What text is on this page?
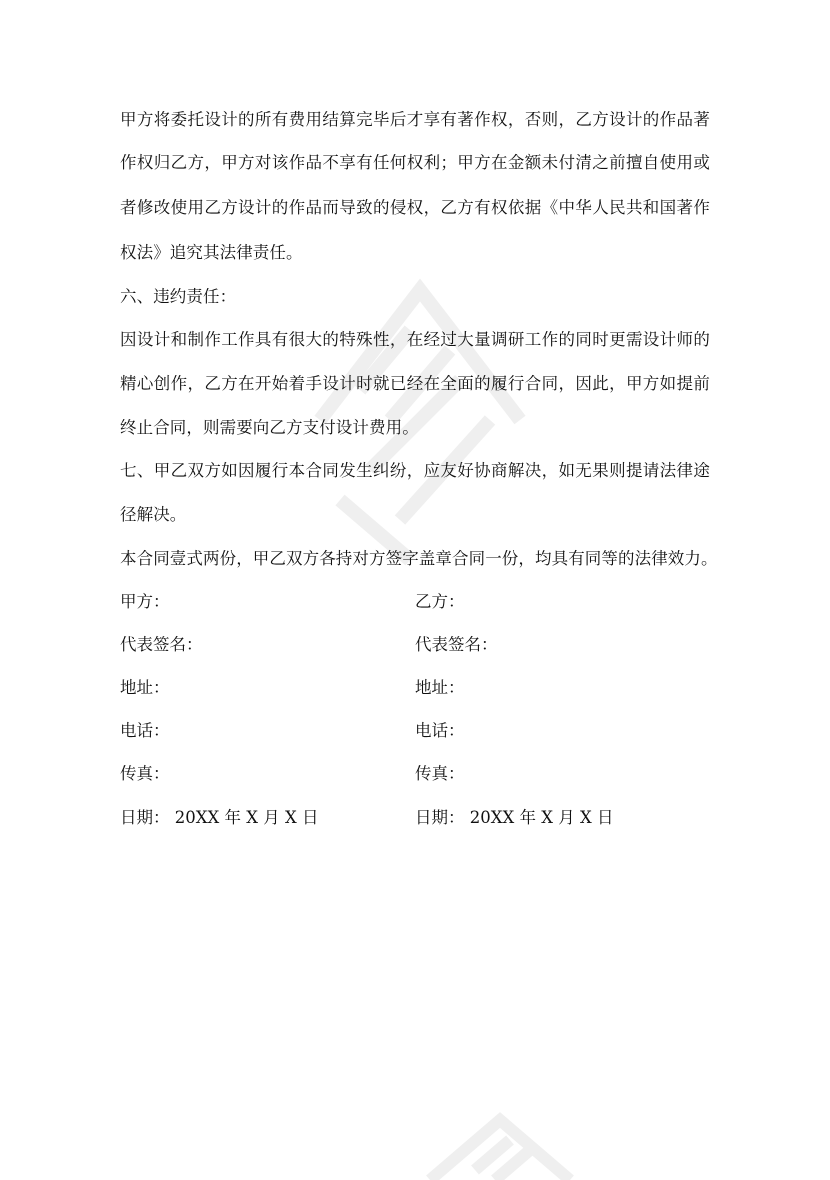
甲方将委托设计的所有费用结算完毕后才享有著作权，否则，乙方设计的作品著
作权归乙方，甲方对该作品不享有任何权利；甲方在金额未付清之前擅自使用或
者修改使用乙方设计的作品而导致的侵权，乙方有权依据《中华人民共和国著作
权法》追究其法律责任。
六、违约责任：
因设计和制作工作具有很大的特殊性，在经过大量调研工作的同时更需设计师的
精心创作，乙方在开始着手设计时就已经在全面的履行合同，因此，甲方如提前
终止合同，则需要向乙方支付设计费用。
七、甲乙双方如因履行本合同发生纠纷，应友好协商解决，如无果则提请法律途
径解决。
本合同壹式两份，甲乙双方各持对方签字盖章合同一份，均具有同等的法律效力。
甲方：	乙方：
代表签名：	代表签名：
地址：	地址：
电话：	电话：
传真：	传真：
日期： 20XX 年 X 月 X 日	日期： 20XX 年 X 月 X 日
